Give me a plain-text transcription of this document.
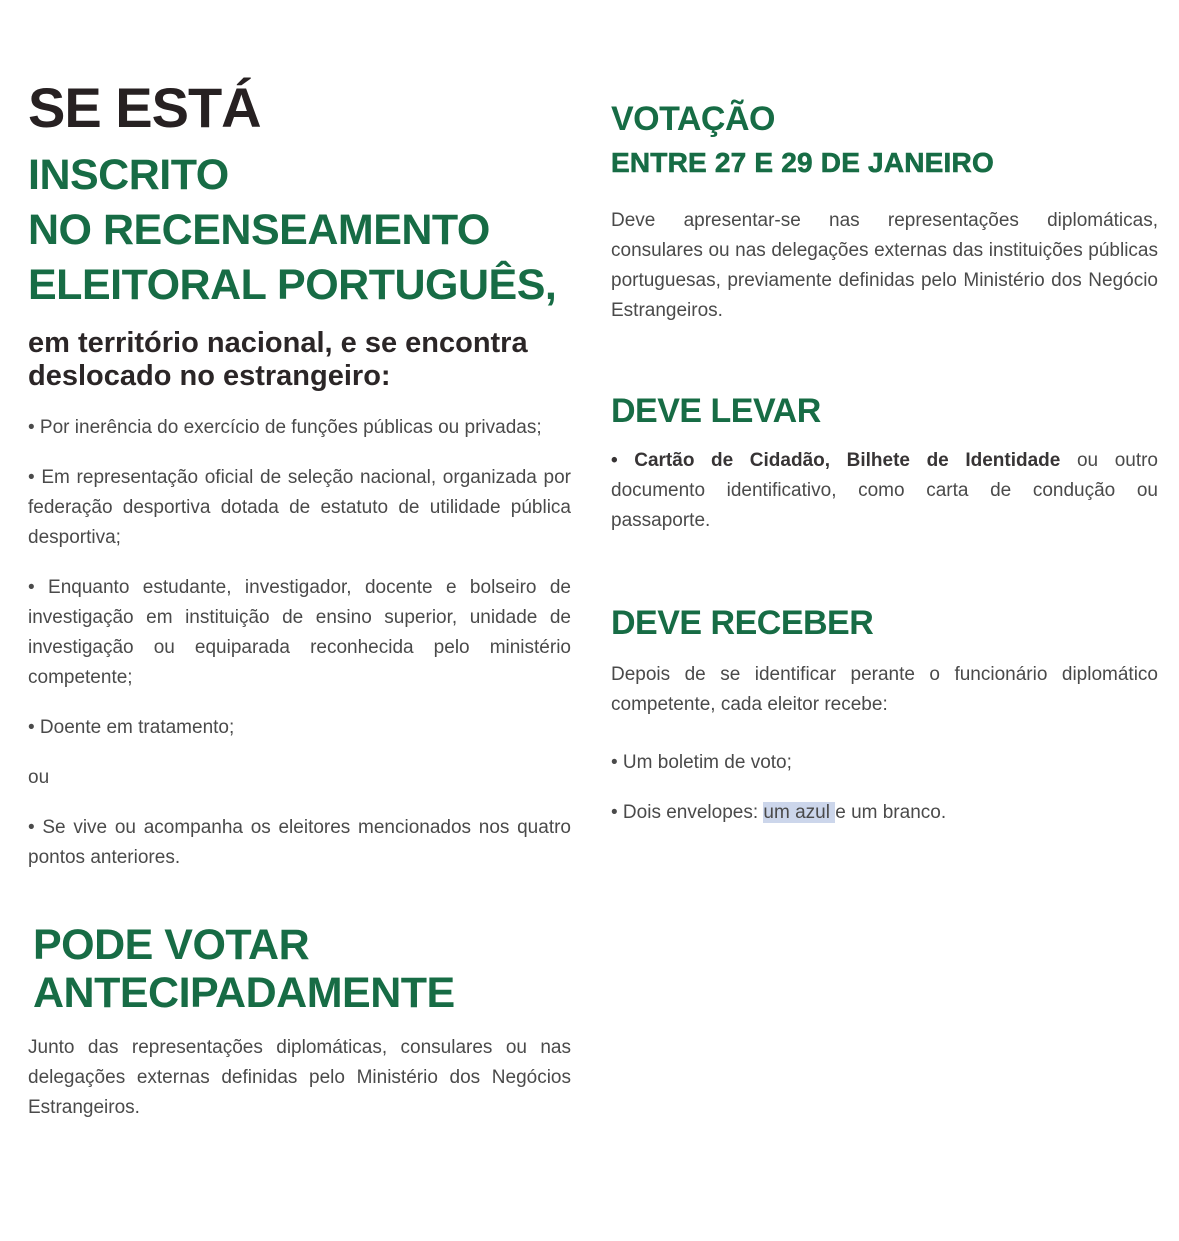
SE ESTÁ
INSCRITO
NO RECENSEAMENTO
ELEITORAL PORTUGUÊS,
em território nacional, e se encontra deslocado no estrangeiro:

• Por inerência do exercício de funções públicas ou privadas;

• Em representação oficial de seleção nacional, organizada por federação desportiva dotada de estatuto de utilidade pública desportiva;

• Enquanto estudante, investigador, docente e bolseiro de investigação em instituição de ensino superior, unidade de investigação ou equiparada reconhecida pelo ministério competente;

• Doente em tratamento;

ou

• Se vive ou acompanha os eleitores mencionados nos quatro pontos anteriores.

PODE VOTAR
ANTECIPADAMENTE

Junto das representações diplomáticas, consulares ou nas delegações externas definidas pelo Ministério dos Negócios Estrangeiros.

VOTAÇÃO
ENTRE 27 E 29 DE JANEIRO

Deve apresentar-se nas representações diplomáticas, consulares ou nas delegações externas das instituições públicas portuguesas, previamente definidas pelo Ministério dos Negócio Estrangeiros.

DEVE LEVAR

• Cartão de Cidadão, Bilhete de Identidade ou outro documento identificativo, como carta de condução ou passaporte.

DEVE RECEBER

Depois de se identificar perante o funcionário diplomático competente, cada eleitor recebe:

• Um boletim de voto;

• Dois envelopes: um azul e um branco.
